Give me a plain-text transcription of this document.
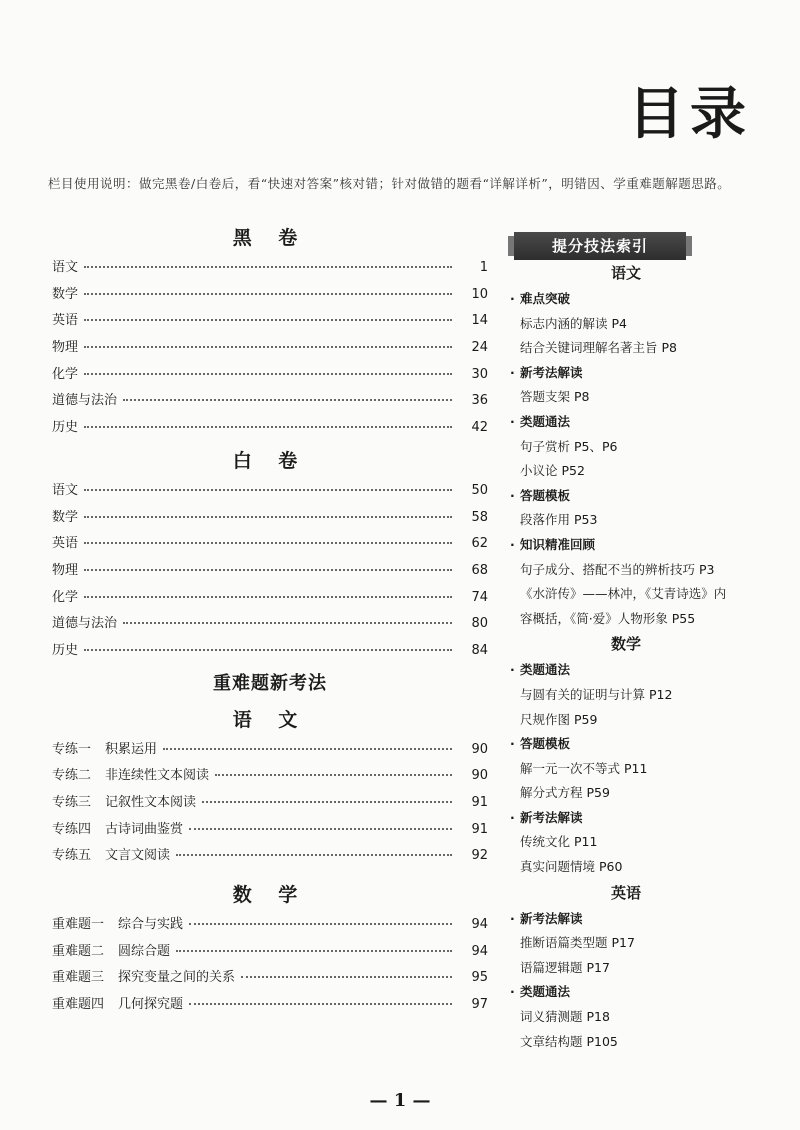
目录
栏目使用说明：做完黑卷/白卷后，看“快速对答案”核对错；针对做错的题看“详解详析”，明错因、学重难题解题思路。
黑 卷
语文	1
数学	10
英语	14
物理	24
化学	30
道德与法治	36
历史	42
白 卷
语文	50
数学	58
英语	62
物理	68
化学	74
道德与法治	80
历史	84
重难题新考法
语 文
专练一 积累运用	90
专练二 非连续性文本阅读	90
专练三 记叙性文本阅读	91
专练四 古诗词曲鉴赏	91
专练五 文言文阅读	92
数 学
重难题一 综合与实践	94
重难题二 圆综合题	94
重难题三 探究变量之间的关系	95
重难题四 几何探究题	97
提分技法索引
语文
· 难点突破
标志内涵的解读 P4
结合关键词理解名著主旨 P8
· 新考法解读
答题支架 P8
· 类题通法
句子赏析 P5、P6
小议论 P52
· 答题模板
段落作用 P53
· 知识精准回顾
句子成分、搭配不当的辨析技巧 P3
《水浒传》——林冲，《艾青诗选》内
容概括，《简·爱》人物形象 P55
数学
· 类题通法
与圆有关的证明与计算 P12
尺规作图 P59
· 答题模板
解一元一次不等式 P11
解分式方程 P59
· 新考法解读
传统文化 P11
真实问题情境 P60
英语
· 新考法解读
推断语篇类型题 P17
语篇逻辑题 P17
· 类题通法
词义猜测题 P18
文章结构题 P105
— 1 —
